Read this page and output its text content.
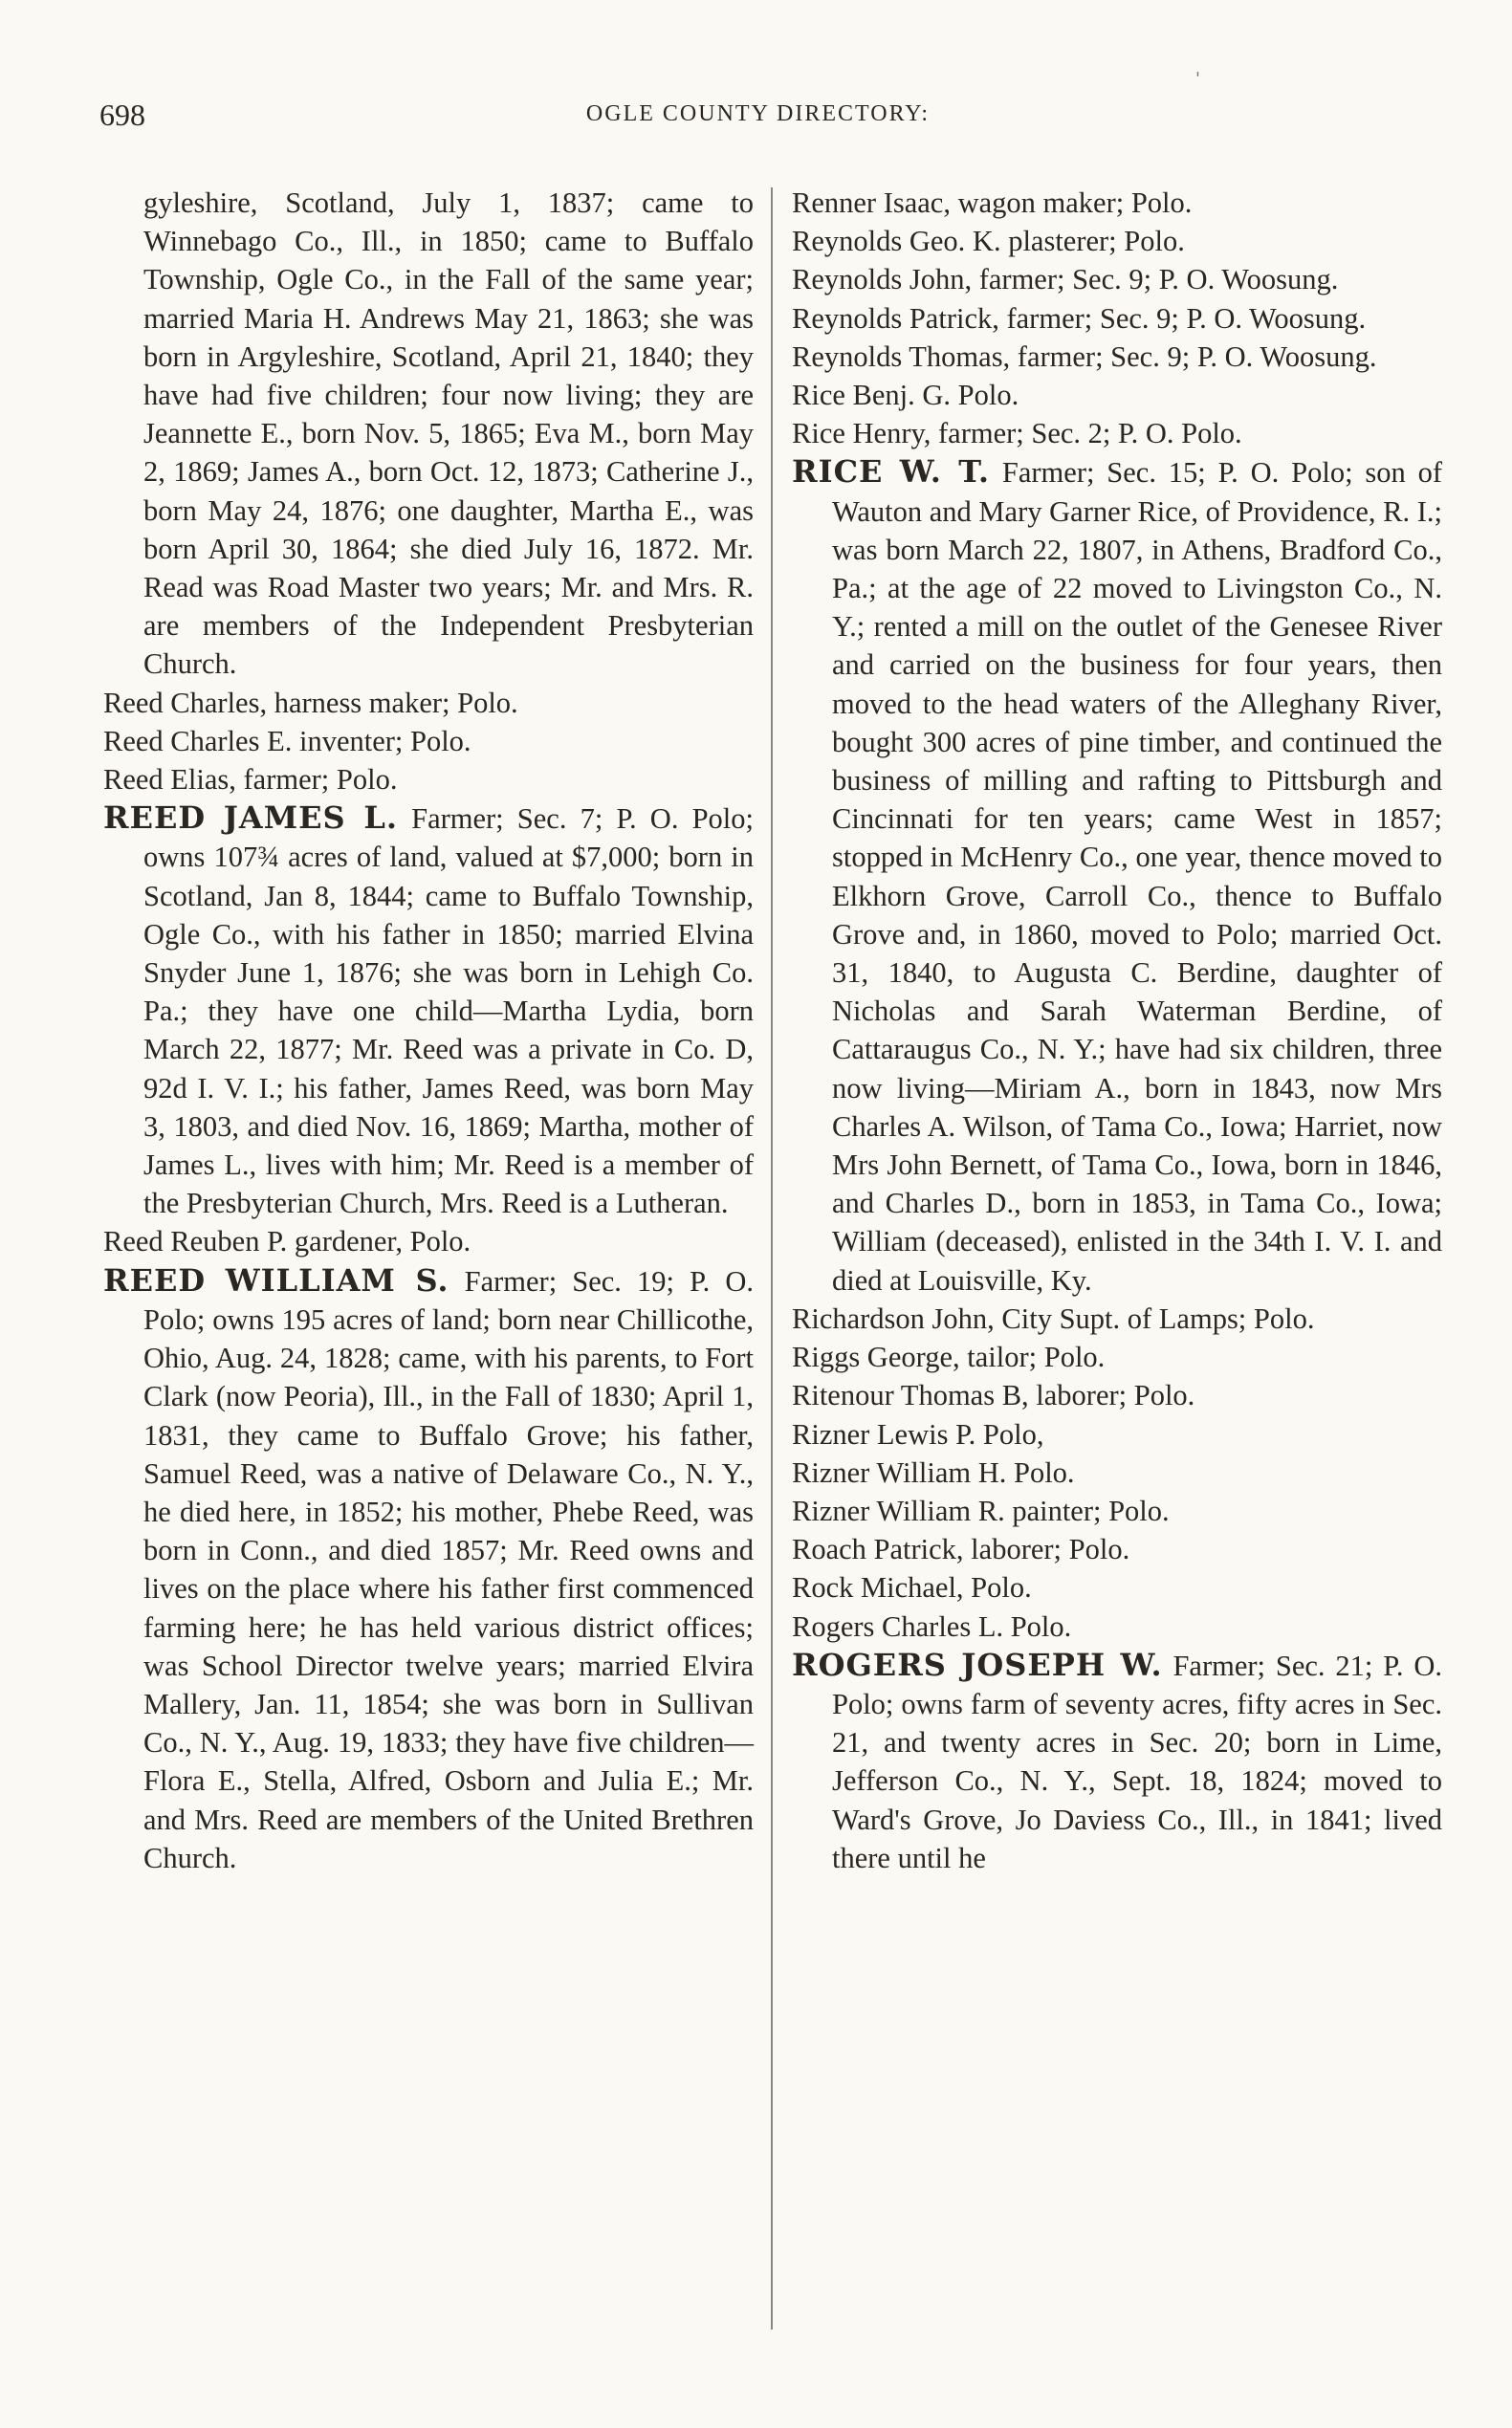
698	OGLE COUNTY DIRECTORY:
'

gyleshire, Scotland, July 1, 1837; came to Winnebago Co., Ill., in 1850; came to Buffalo Township, Ogle Co., in the Fall of the same year; married Maria H. Andrews May 21, 1863; she was born in Argyleshire, Scotland, April 21, 1840; they have had five children; four now living; they are Jeannette E., born Nov. 5, 1865; Eva M., born May 2, 1869; James A., born Oct. 12, 1873; Catherine J., born May 24, 1876; one daughter, Martha E., was born April 30, 1864; she died July 16, 1872. Mr. Read was Road Master two years; Mr. and Mrs. R. are members of the Independent Presbyterian Church.

Reed Charles, harness maker; Polo.

Reed Charles E. inventer; Polo.

Reed Elias, farmer; Polo.

REED JAMES L. Farmer; Sec. 7; P. O. Polo; owns 107¾ acres of land, valued at $7,000; born in Scotland, Jan 8, 1844; came to Buffalo Township, Ogle Co., with his father in 1850; married Elvina Snyder June 1, 1876; she was born in Lehigh Co. Pa.; they have one child—Martha Lydia, born March 22, 1877; Mr. Reed was a private in Co. D, 92d I. V. I.; his father, James Reed, was born May 3, 1803, and died Nov. 16, 1869; Martha, mother of James L., lives with him; Mr. Reed is a member of the Presbyterian Church, Mrs. Reed is a Lutheran.

Reed Reuben P. gardener, Polo.

REED WILLIAM S. Farmer; Sec. 19; P. O. Polo; owns 195 acres of land; born near Chillicothe, Ohio, Aug. 24, 1828; came, with his parents, to Fort Clark (now Peoria), Ill., in the Fall of 1830; April 1, 1831, they came to Buffalo Grove; his father, Samuel Reed, was a native of Delaware Co., N. Y., he died here, in 1852; his mother, Phebe Reed, was born in Conn., and died 1857; Mr. Reed owns and lives on the place where his father first commenced farming here; he has held various district offices; was School Director twelve years; married Elvira Mallery, Jan. 11, 1854; she was born in Sullivan Co., N. Y., Aug. 19, 1833; they have five children—Flora E., Stella, Alfred, Osborn and Julia E.; Mr. and Mrs. Reed are members of the United Brethren Church.

Renner Isaac, wagon maker; Polo.

Reynolds Geo. K. plasterer; Polo.

Reynolds John, farmer; Sec. 9; P. O. Woosung.

Reynolds Patrick, farmer; Sec. 9; P. O. Woosung.

Reynolds Thomas, farmer; Sec. 9; P. O. Woosung.

Rice Benj. G. Polo.

Rice Henry, farmer; Sec. 2; P. O. Polo.

RICE W. T. Farmer; Sec. 15; P. O. Polo; son of Wauton and Mary Garner Rice, of Providence, R. I.; was born March 22, 1807, in Athens, Bradford Co., Pa.; at the age of 22 moved to Livingston Co., N. Y.; rented a mill on the outlet of the Genesee River and carried on the business for four years, then moved to the head waters of the Alleghany River, bought 300 acres of pine timber, and continued the business of milling and rafting to Pittsburgh and Cincinnati for ten years; came West in 1857; stopped in McHenry Co., one year, thence moved to Elkhorn Grove, Carroll Co., thence to Buffalo Grove and, in 1860, moved to Polo; married Oct. 31, 1840, to Augusta C. Berdine, daughter of Nicholas and Sarah Waterman Berdine, of Cattaraugus Co., N. Y.; have had six children, three now living—Miriam A., born in 1843, now Mrs Charles A. Wilson, of Tama Co., Iowa; Harriet, now Mrs John Bernett, of Tama Co., Iowa, born in 1846, and Charles D., born in 1853, in Tama Co., Iowa; William (deceased), enlisted in the 34th I. V. I. and died at Louisville, Ky.

Richardson John, City Supt. of Lamps; Polo.

Riggs George, tailor; Polo.

Ritenour Thomas B, laborer; Polo.

Rizner Lewis P. Polo,

Rizner William H. Polo.

Rizner William R. painter; Polo.

Roach Patrick, laborer; Polo.

Rock Michael, Polo.

Rogers Charles L. Polo.

ROGERS JOSEPH W. Farmer; Sec. 21; P. O. Polo; owns farm of seventy acres, fifty acres in Sec. 21, and twenty acres in Sec. 20; born in Lime, Jefferson Co., N. Y., Sept. 18, 1824; moved to Ward's Grove, Jo Daviess Co., Ill., in 1841; lived there until he
